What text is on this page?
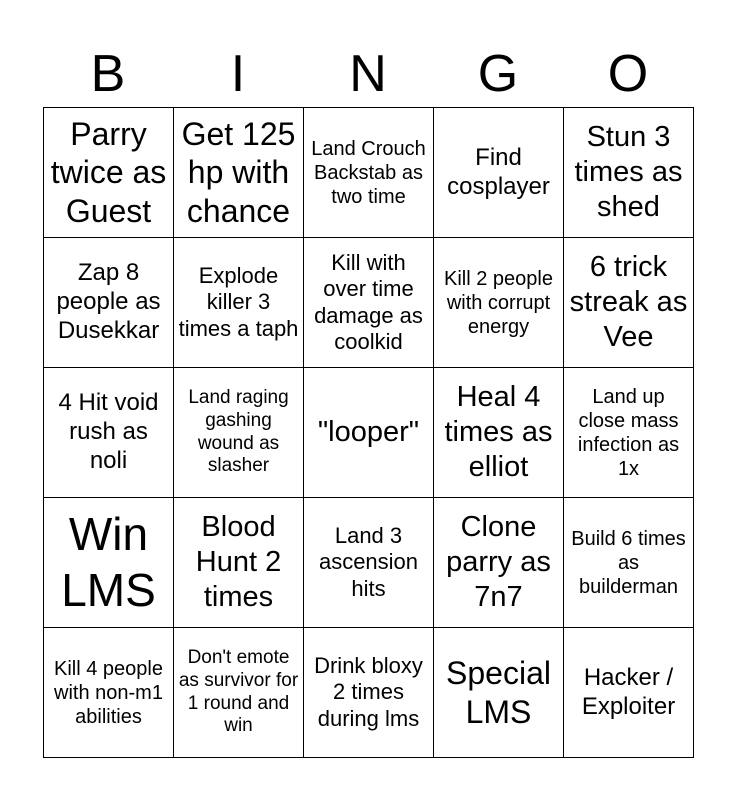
B	I	N	G	O
Parry twice as Guest	Get 125 hp with chance	Land Crouch Backstab as two time	Find cosplayer	Stun 3 times as shed

Zap 8 people as Dusekkar	Explode killer 3 times a taph	Kill with over time damage as coolkid	Kill 2 people with corrupt energy	6 trick streak as Vee

4 Hit void rush as noli	Land raging gashing wound as slasher	"looper"	Heal 4 times as elliot	Land up close mass infection as 1x

Win LMS	Blood Hunt 2 times	Land 3 ascension hits	Clone parry as 7n7	Build 6 times as builderman

Kill 4 people with non-m1 abilities	Don't emote as survivor for 1 round and win	Drink bloxy 2 times during lms	Special LMS	Hacker / Exploiter
